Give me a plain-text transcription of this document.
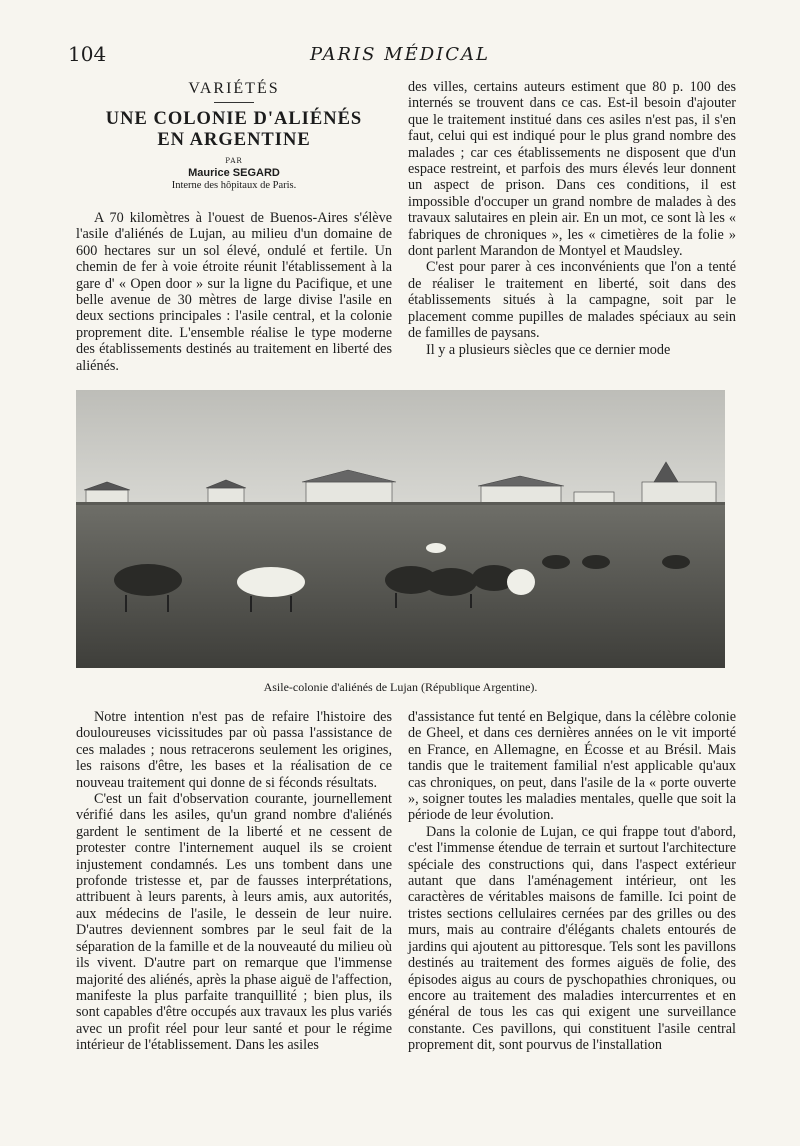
104	PARIS MÉDICAL
VARIÉTÉS
UNE COLONIE D'ALIÉNÉS
EN ARGENTINE
PAR
Maurice SEGARD
Interne des hôpitaux de Paris.

A 70 kilomètres à l'ouest de Buenos-Aires s'élève l'asile d'aliénés de Lujan, au milieu d'un domaine de 600 hectares sur un sol élevé, ondulé et fertile. Un chemin de fer à voie étroite réunit l'établissement à la gare d' « Open door » sur la ligne du Pacifique, et une belle avenue de 30 mètres de large divise l'asile en deux sections principales : l'asile central, et la colonie proprement dite. L'ensemble réalise le type moderne des établissements destinés au traitement en liberté des aliénés.

des villes, certains auteurs estiment que 80 p. 100 des internés se trouvent dans ce cas. Est-il besoin d'ajouter que le traitement institué dans ces asiles n'est pas, il s'en faut, celui qui est indiqué pour le plus grand nombre des malades ; car ces établissements ne disposent que d'un espace restreint, et parfois des murs élevés leur donnent un aspect de prison. Dans ces conditions, il est impossible d'occuper un grand nombre de malades à des travaux salutaires en plein air. En un mot, ce sont là les « fabriques de chroniques », les « cimetières de la folie » dont parlent Marandon de Montyel et Maudsley.

C'est pour parer à ces inconvénients que l'on a tenté de réaliser le traitement en liberté, soit dans des établissements situés à la campagne, soit par le placement comme pupilles de malades spéciaux au sein de familles de paysans.

Il y a plusieurs siècles que ce dernier mode

Asile-colonie d'aliénés de Lujan (République Argentine).

Notre intention n'est pas de refaire l'histoire des douloureuses vicissitudes par où passa l'assistance de ces malades ; nous retracerons seulement les origines, les raisons d'être, les bases et la réalisation de ce nouveau traitement qui donne de si féconds résultats.

C'est un fait d'observation courante, journellement vérifié dans les asiles, qu'un grand nombre d'aliénés gardent le sentiment de la liberté et ne cessent de protester contre l'internement auquel ils se croient injustement condamnés. Les uns tombent dans une profonde tristesse et, par de fausses interprétations, attribuent à leurs parents, à leurs amis, aux autorités, aux médecins de l'asile, le dessein de leur nuire. D'autres deviennent sombres par le seul fait de la séparation de la famille et de la nouveauté du milieu où ils vivent. D'autre part on remarque que l'immense majorité des aliénés, après la phase aiguë de l'affection, manifeste la plus parfaite tranquillité ; bien plus, ils sont capables d'être occupés aux travaux les plus variés avec un profit réel pour leur santé et pour le régime intérieur de l'établissement. Dans les asiles

d'assistance fut tenté en Belgique, dans la célèbre colonie de Gheel, et dans ces dernières années on le vit importé en France, en Allemagne, en Écosse et au Brésil. Mais tandis que le traitement familial n'est applicable qu'aux cas chroniques, on peut, dans l'asile de la « porte ouverte », soigner toutes les maladies mentales, quelle que soit la période de leur évolution.

Dans la colonie de Lujan, ce qui frappe tout d'abord, c'est l'immense étendue de terrain et surtout l'architecture spéciale des constructions qui, dans l'aspect extérieur autant que dans l'aménagement intérieur, ont les caractères de véritables maisons de famille. Ici point de tristes sections cellulaires cernées par des grilles ou des murs, mais au contraire d'élégants chalets entourés de jardins qui ajoutent au pittoresque. Tels sont les pavillons destinés au traitement des formes aiguës de folie, des épisodes aigus au cours de pyschopathies chroniques, ou encore au traitement des maladies intercurrentes et en général de tous les cas qui exigent une surveillance constante. Ces pavillons, qui constituent l'asile central proprement dit, sont pourvus de l'installation
